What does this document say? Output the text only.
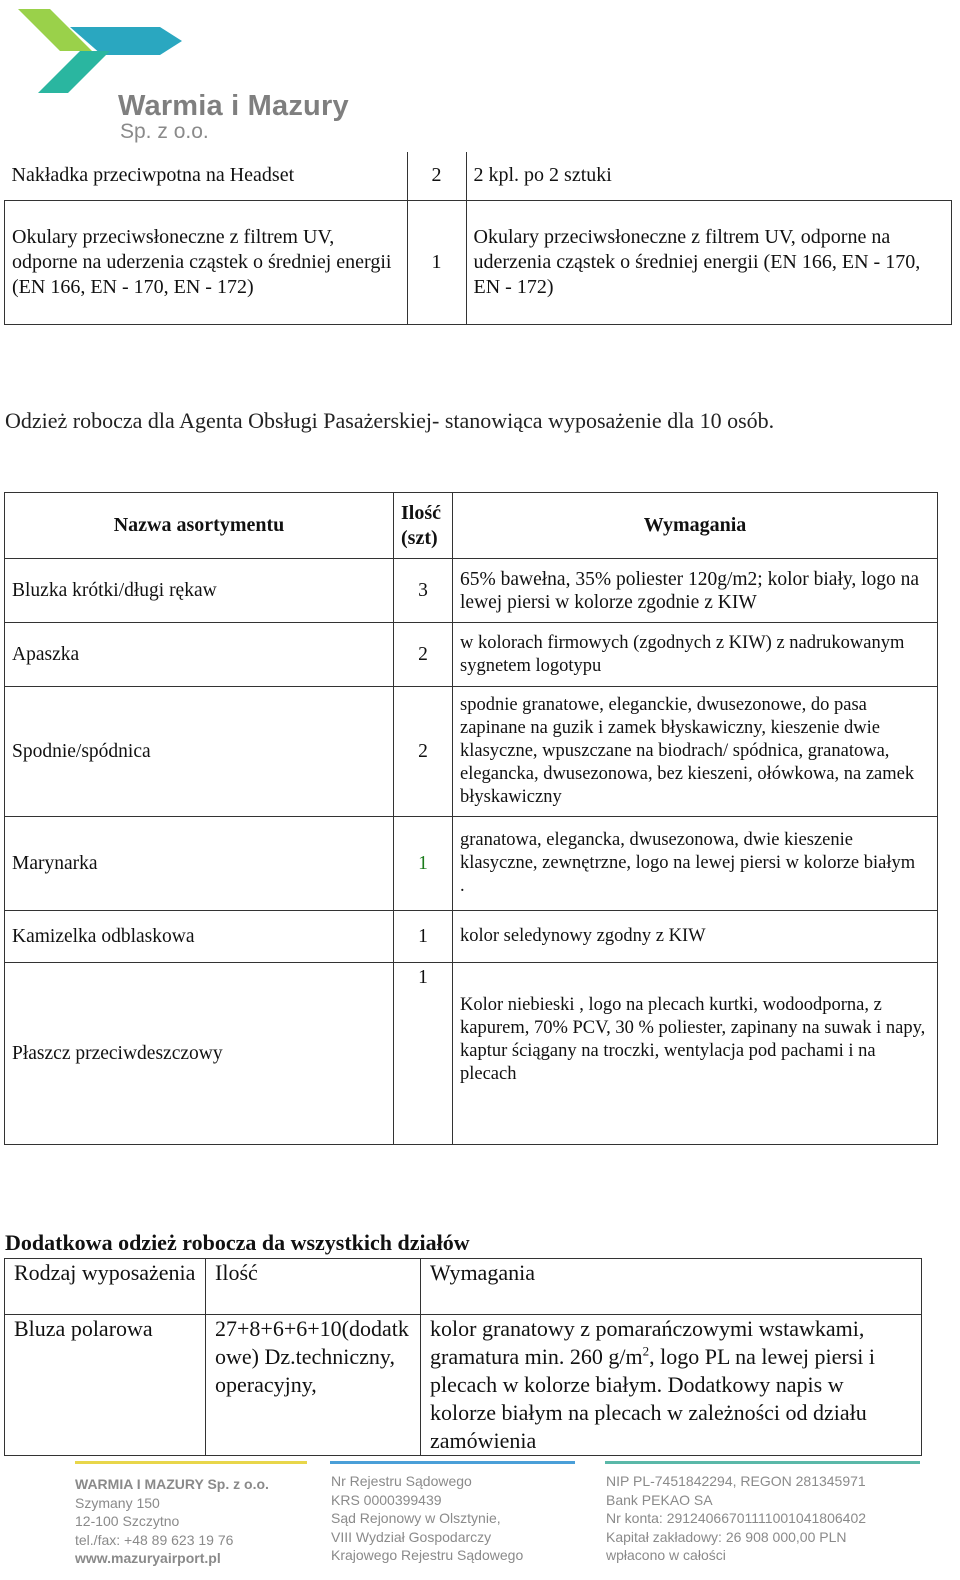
Warmia i Mazury
Sp. z o.o.
Nakładka przeciwpotna na Headset	2	2 kpl. po 2 sztuki
Okulary przeciwsłoneczne z filtrem UV, odporne na uderzenia cząstek o średniej energii (EN 166, EN - 170, EN - 172)	1	Okulary przeciwsłoneczne z filtrem UV, odporne na uderzenia cząstek o średniej energii (EN 166, EN - 170, EN - 172)
Odzież robocza dla Agenta Obsługi Pasażerskiej- stanowiąca wyposażenie dla 10 osób.
Nazwa asortymentu	Ilość (szt)	Wymagania
Bluzka krótki/długi rękaw	3	65% bawełna, 35% poliester 120g/m2; kolor biały, logo na lewej piersi w kolorze zgodnie z KIW
Apaszka	2	w kolorach firmowych (zgodnych z KIW) z nadrukowanym sygnetem logotypu
Spodnie/spódnica	2	spodnie granatowe, eleganckie, dwusezonowe, do pasa zapinane na guzik i zamek błyskawiczny, kieszenie dwie klasyczne, wpuszczane na biodrach/ spódnica, granatowa, elegancka, dwusezonowa, bez kieszeni, ołówkowa, na zamek błyskawiczny
Marynarka	1	granatowa, elegancka, dwusezonowa, dwie kieszenie klasyczne, zewnętrzne, logo na lewej piersi w kolorze białym
.

Kamizelka odblaskowa	1	kolor seledynowy zgodny z KIW
Płaszcz przeciwdeszczowy	1	Kolor niebieski , logo na plecach kurtki, wodoodporna, z kapurem, 70% PCV, 30 % poliester, zapinany na suwak i napy, kaptur ściągany na troczki, wentylacja pod pachami i na plecach
Dodatkowa odzież robocza da wszystkich działów
Rodzaj wyposażenia	Ilość	Wymagania
Bluza polarowa	27+8+6+6+10(dodatkowe) Dz.techniczny, operacyjny,	kolor granatowy z pomarańczowymi wstawkami, gramatura min. 260 $g/m^2$, logo PL na lewej piersi i plecach w kolorze białym. Dodatkowy napis w kolorze białym na plecach w zależności od działu zamówienia
WARMIA I MAZURY Sp. z o.o.
Szymany 150
12-100 Szczytno
tel./fax: +48 89 623 19 76
www.mazuryairport.pl
Nr Rejestru Sądowego
KRS 0000399439
Sąd Rejonowy w Olsztynie,
VIII Wydział Gospodarczy
Krajowego Rejestru Sądowego
NIP PL-7451842294, REGON 281345971
Bank PEKAO SA
Nr konta: 29124066701111001041806402
Kapitał zakładowy: 26 908 000,00 PLN
wpłacono w całości
